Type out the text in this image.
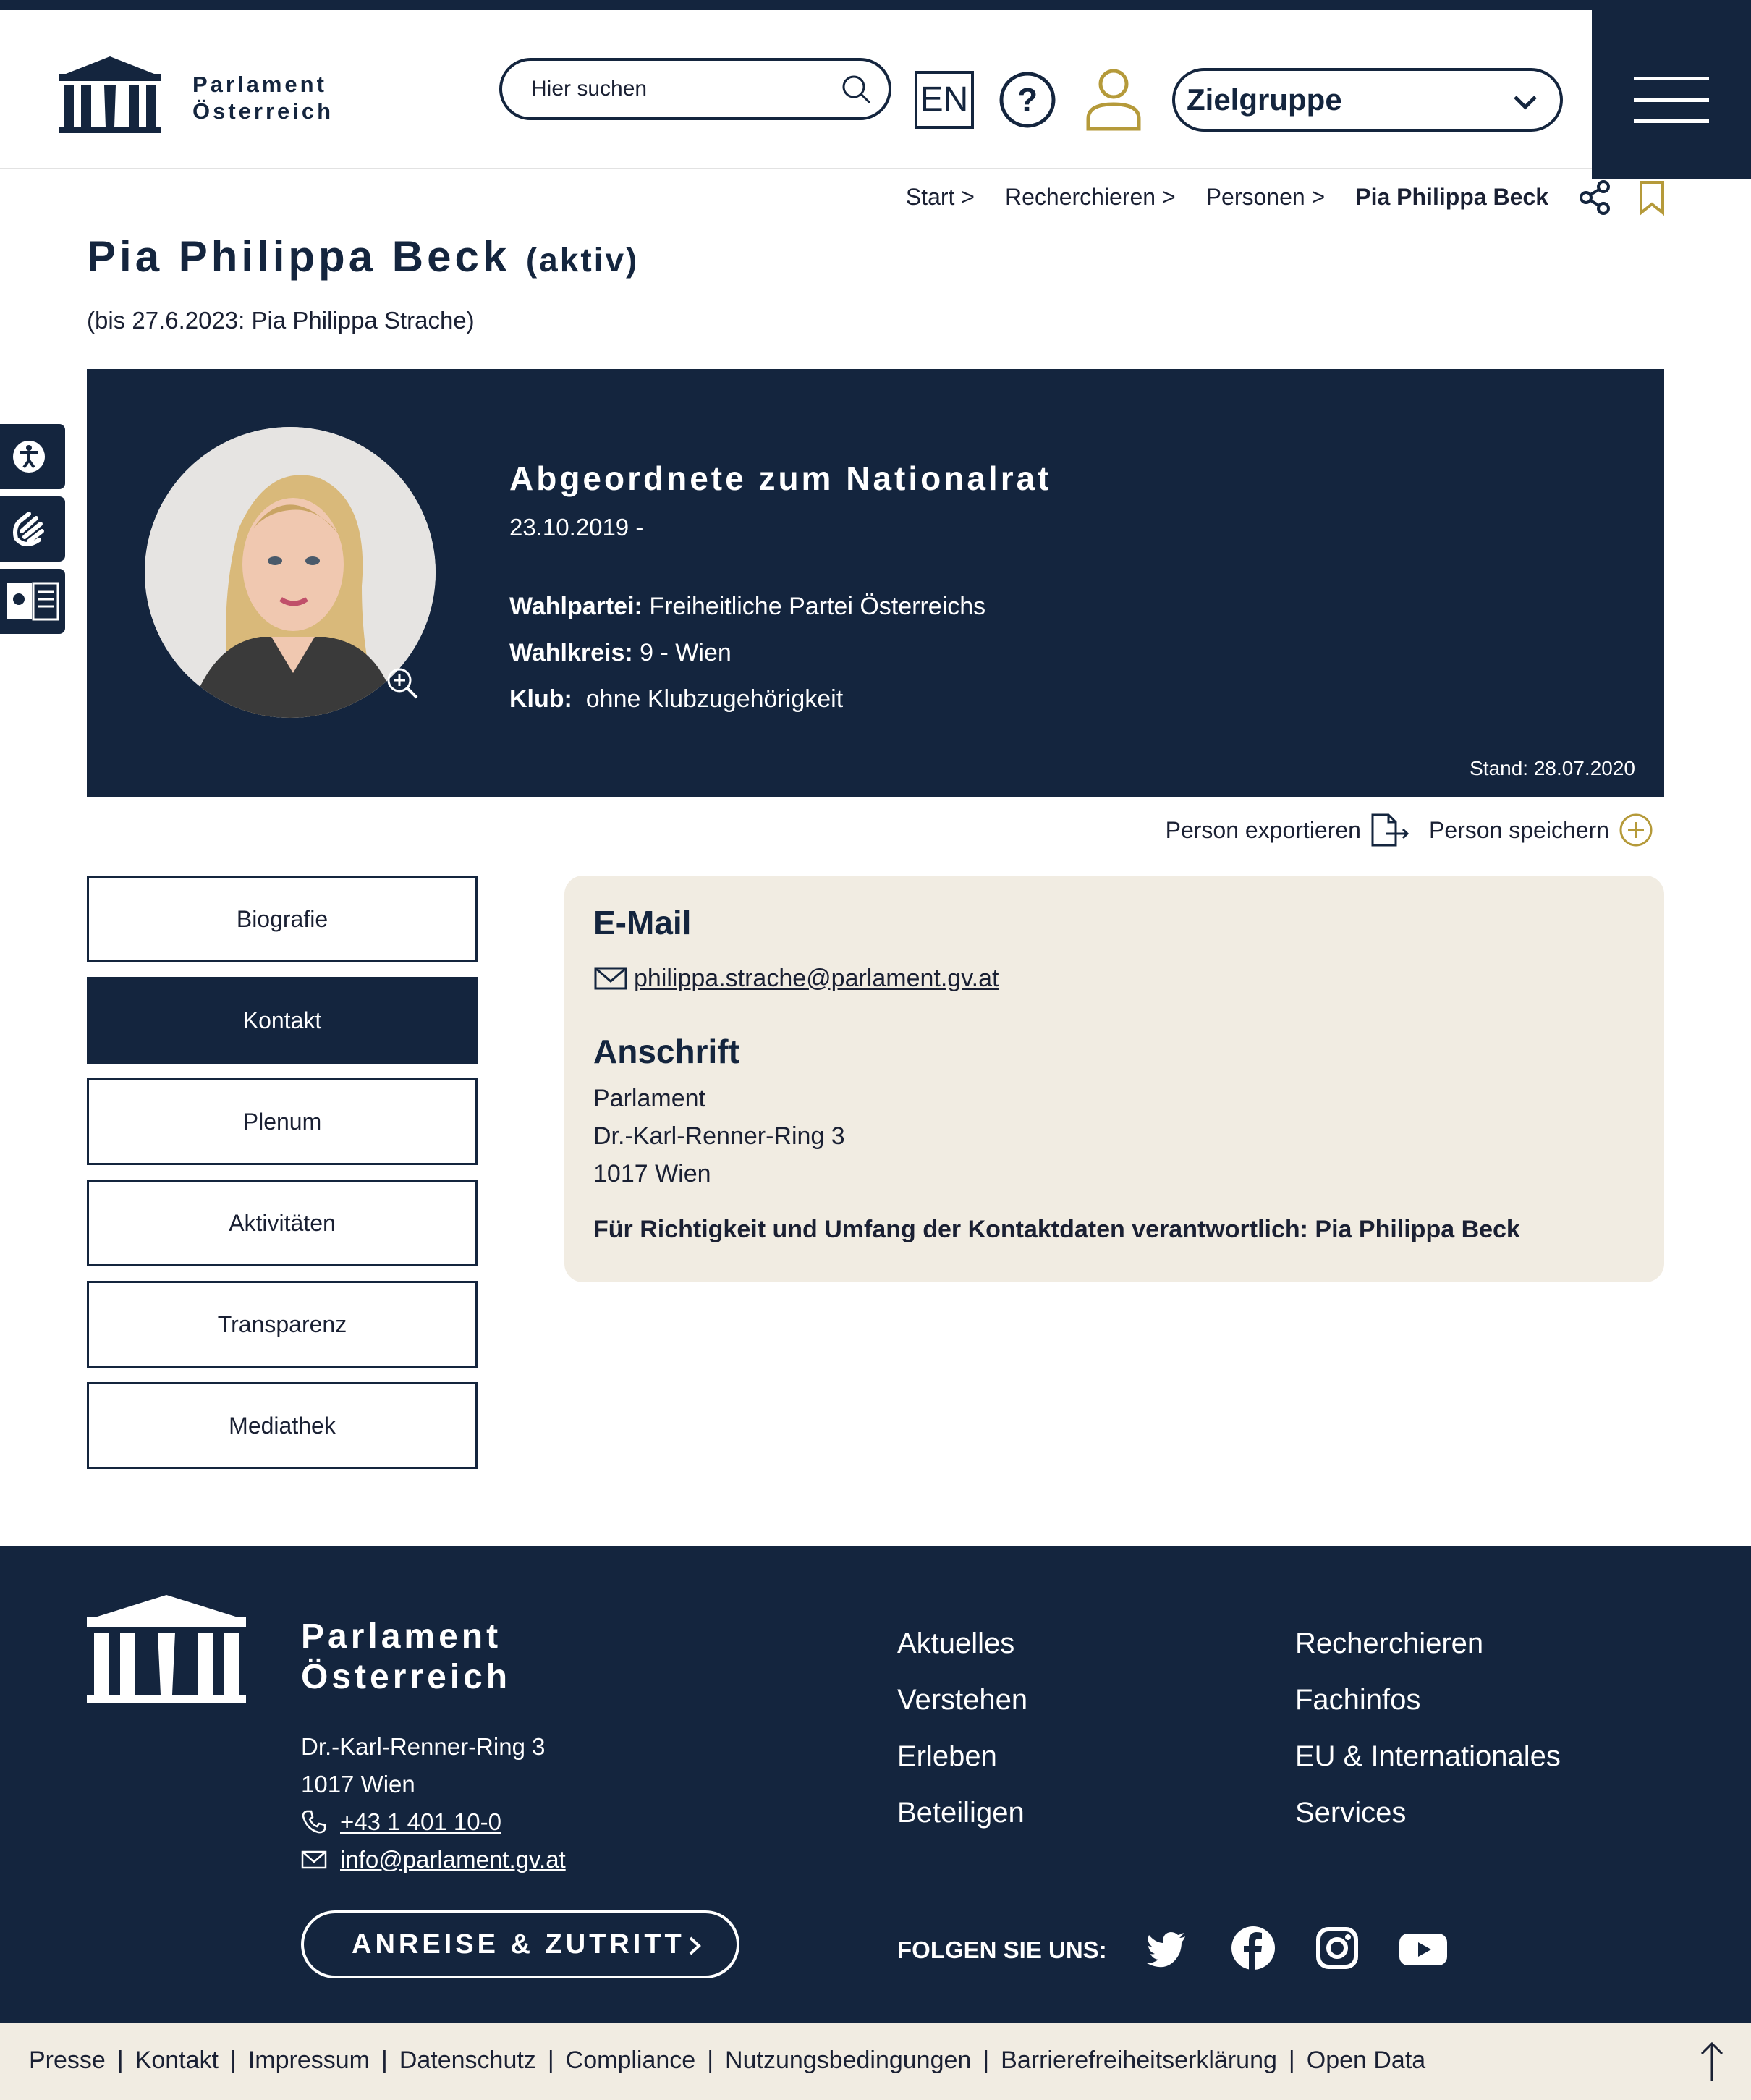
Parlament
Österreich
Hier suchen	EN ?	Zielgruppe
Start > Recherchieren > Personen > Pia Philippa Beck
Pia Philippa Beck (aktiv)
(bis 27.6.2023: Pia Philippa Strache)
Abgeordnete zum Nationalrat
23.10.2019 -
Wahlpartei: Freiheitliche Partei Österreichs
Wahlkreis: 9 - Wien
Klub: ohne Klubzugehörigkeit
Stand: 28.07.2020
Person exportieren	Person speichern
Biografie
Kontakt
Plenum
Aktivitäten
Transparenz
Mediathek
E-Mail
philippa.strache@parlament.gv.at
Anschrift
Parlament
Dr.-Karl-Renner-Ring 3
1017 Wien
Für Richtigkeit und Umfang der Kontaktdaten verantwortlich: Pia Philippa Beck
Parlament
Österreich
Dr.-Karl-Renner-Ring 3
1017 Wien
+43 1 401 10-0
info@parlament.gv.at
ANREISE & ZUTRITT
Aktuelles
Verstehen
Erleben
Beteiligen
Recherchieren
Fachinfos
EU & Internationales
Services
FOLGEN SIE UNS:
Presse | Kontakt | Impressum | Datenschutz | Compliance | Nutzungsbedingungen | Barrierefreiheitserklärung | Open Data
